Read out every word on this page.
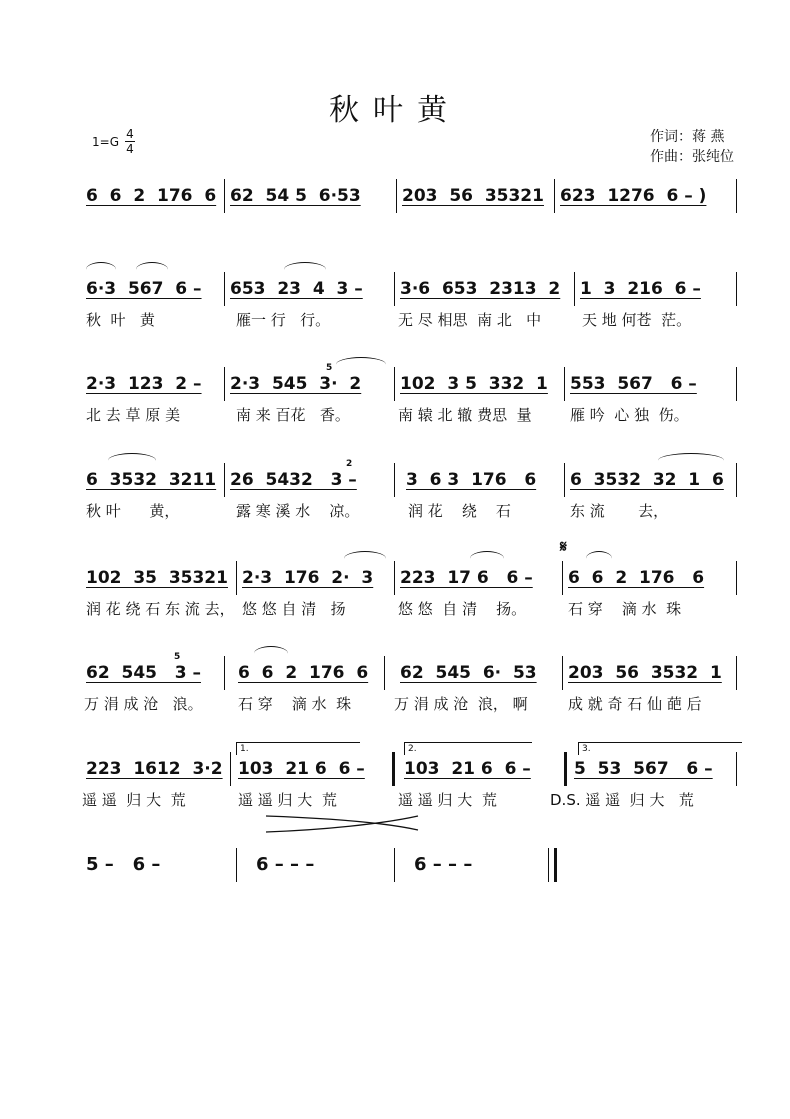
秋叶黄
$1=G \frac{4}{4}$	作词：蒋 燕
作曲：张纯位
6  6  2  176  6 62  54 5  6·53 203  56  35321 623  1276  6 – )
6·3  567  6 – 653  23  4  3 – 3·6  653  2313  2 1  3  216  6 –
秋  叶   黄	雁一 行   行。	无 尽 相思  南 北   中	天 地 何苍  茫。
2·3  123  2 –
5
2·3  545  3·  2 102  3 5  332  1 553  567   6 –
北 去 草 原 美	南 来 百花   香。	南 辕 北 辙 费思  量	雁 吟  心 独  伤。
6  3532  3211
2
26  5432   3 –	3  6 3  176   6 6  3532  32  1  6
秋 叶      黄，	露 寒 溪 水    凉。	润 花    绕    石	东 流       去，
𝄋
102  35  35321 2·3  176  2·  3 223  17 6   6 – 6  6  2  176   6
润 花 绕 石 东 流 去， 悠 悠 自 清   扬	悠 悠  自 清    扬。	石 穿    滴 水  珠
5
62  545   3 – 6  6  2  176  6 62  545  6·  53 203  56  3532  1
万 涓 成 沧   浪。 石 穿    滴 水  珠	万 涓 成 沧  浪， 啊	成 就 奇 石 仙 葩 后
223  1612  3·2
1.
103  21 6  6 –
2.
103  21 6  6 –
3.
5  53  567   6 –
遥 遥  归 大  荒	遥 遥 归 大  荒	遥 遥 归 大  荒	D.S. 遥 遥  归 大   荒
5 –   6 –	6 – – –	6 – – –
